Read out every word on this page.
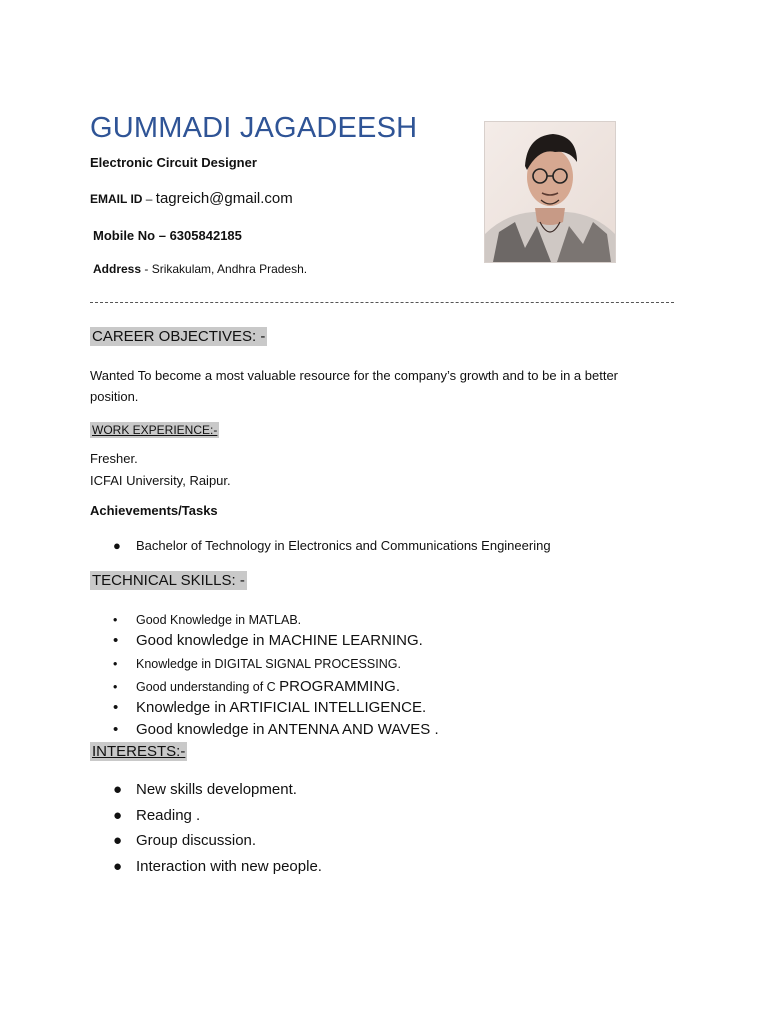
GUMMADI JAGADEESH
Electronic Circuit Designer
EMAIL ID – tagreich@gmail.com
Mobile No – 6305842185
Address - Srikakulam, Andhra Pradesh.
CAREER OBJECTIVES: -
Wanted To become a most valuable resource for the company’s growth and to be in a better position.
WORK EXPERIENCE:-
Fresher.
ICFAI University, Raipur.
Achievements/Tasks
● Bachelor of Technology in Electronics and Communications Engineering
TECHNICAL SKILLS: -
• Good Knowledge in MATLAB.
• Good knowledge in MACHINE LEARNING.
• Knowledge in DIGITAL SIGNAL PROCESSING.
• Good understanding of C PROGRAMMING.
• Knowledge in ARTIFICIAL INTELLIGENCE.
• Good knowledge in ANTENNA AND WAVES .
INTERESTS:-
● New skills development.
● Reading .
● Group discussion.
● Interaction with new people.
